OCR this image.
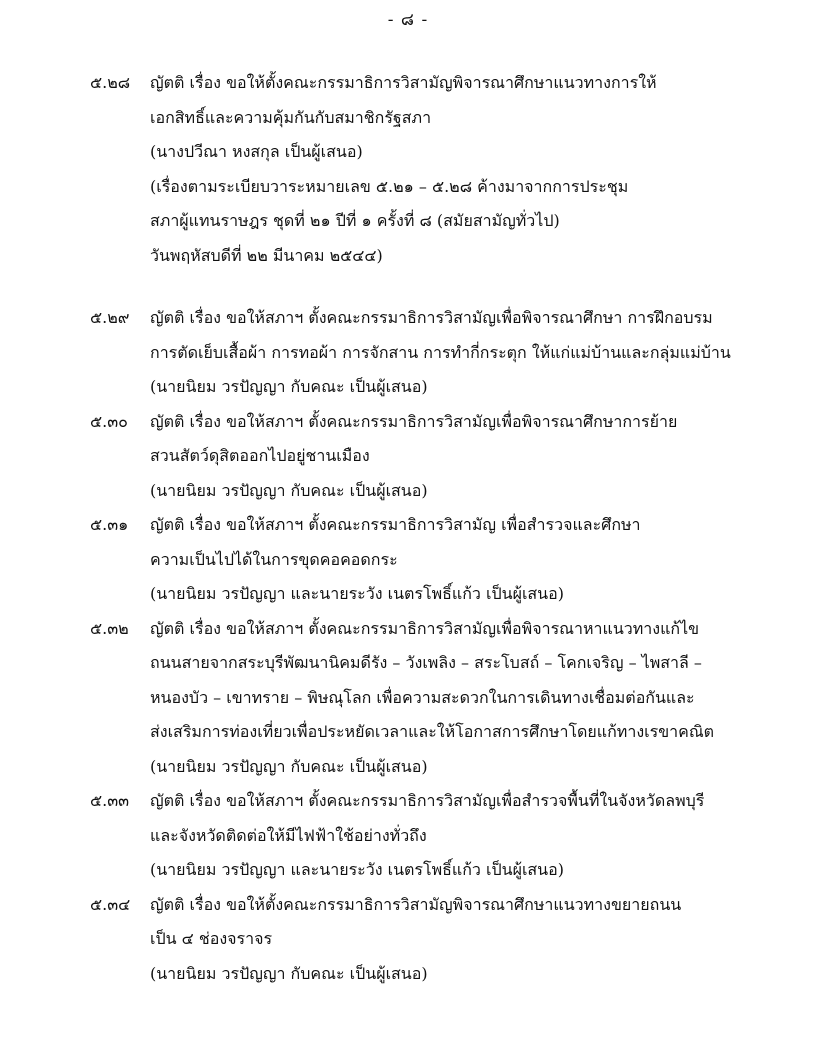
- ๘ -
๕.๒๘	ญัตติ เรื่อง ขอให้ตั้งคณะกรรมาธิการวิสามัญพิจารณาศึกษาแนวทางการให้
เอกสิทธิ์และความคุ้มกันกับสมาชิกรัฐสภา
(นางปวีณา หงสกุล เป็นผู้เสนอ)
(เรื่องตามระเบียบวาระหมายเลข ๕.๒๑ – ๕.๒๘ ค้างมาจากการประชุม
สภาผู้แทนราษฎร ชุดที่ ๒๑ ปีที่ ๑ ครั้งที่ ๘ (สมัยสามัญทั่วไป)
วันพฤหัสบดีที่ ๒๒ มีนาคม ๒๕๔๔)
๕.๒๙	ญัตติ เรื่อง ขอให้สภาฯ ตั้งคณะกรรมาธิการวิสามัญเพื่อพิจารณาศึกษา การฝึกอบรม
การตัดเย็บเสื้อผ้า การทอผ้า การจักสาน การทำกี่กระตุก ให้แก่แม่บ้านและกลุ่มแม่บ้าน
(นายนิยม วรปัญญา กับคณะ เป็นผู้เสนอ)
๕.๓๐	ญัตติ เรื่อง ขอให้สภาฯ ตั้งคณะกรรมาธิการวิสามัญเพื่อพิจารณาศึกษาการย้าย
สวนสัตว์ดุสิตออกไปอยู่ชานเมือง
(นายนิยม วรปัญญา กับคณะ เป็นผู้เสนอ)
๕.๓๑	ญัตติ เรื่อง ขอให้สภาฯ ตั้งคณะกรรมาธิการวิสามัญ เพื่อสำรวจและศึกษา
ความเป็นไปได้ในการขุดคอคอดกระ
(นายนิยม วรปัญญา และนายระวัง เนตรโพธิ์แก้ว เป็นผู้เสนอ)
๕.๓๒	ญัตติ เรื่อง ขอให้สภาฯ ตั้งคณะกรรมาธิการวิสามัญเพื่อพิจารณาหาแนวทางแก้ไข
ถนนสายจากสระบุรีพัฒนานิคมดีรัง – วังเพลิง – สระโบสถ์ – โคกเจริญ – ไพสาลี –
หนองบัว – เขาทราย – พิษณุโลก เพื่อความสะดวกในการเดินทางเชื่อมต่อกันและ
ส่งเสริมการท่องเที่ยวเพื่อประหยัดเวลาและให้โอกาสการศึกษาโดยแก้ทางเรขาคณิต
(นายนิยม วรปัญญา กับคณะ เป็นผู้เสนอ)
๕.๓๓	ญัตติ เรื่อง ขอให้สภาฯ ตั้งคณะกรรมาธิการวิสามัญเพื่อสำรวจพื้นที่ในจังหวัดลพบุรี
และจังหวัดติดต่อให้มีไฟฟ้าใช้อย่างทั่วถึง
(นายนิยม วรปัญญา และนายระวัง เนตรโพธิ์แก้ว เป็นผู้เสนอ)
๕.๓๔	ญัตติ เรื่อง ขอให้ตั้งคณะกรรมาธิการวิสามัญพิจารณาศึกษาแนวทางขยายถนน
เป็น ๔ ช่องจราจร
(นายนิยม วรปัญญา กับคณะ เป็นผู้เสนอ)
